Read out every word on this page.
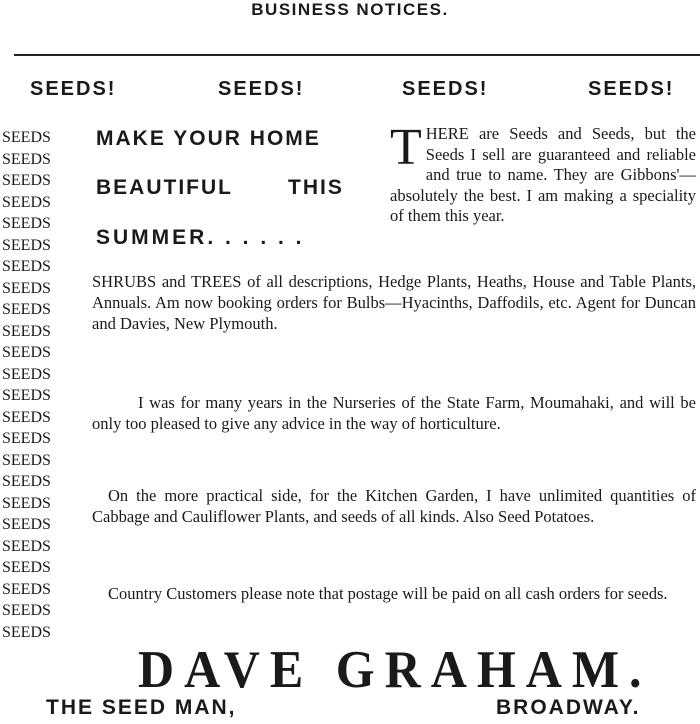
BUSINESS NOTICES.
SEEDS!	SEEDS!	SEEDS!	SEEDS!
SEEDS
SEEDS
SEEDS
SEEDS
SEEDS
SEEDS
SEEDS
SEEDS
SEEDS
SEEDS
SEEDS
SEEDS
SEEDS
SEEDS
SEEDS
SEEDS
SEEDS
SEEDS
SEEDS
SEEDS
SEEDS
SEEDS
SEEDS
SEEDS
MAKE YOUR HOME
BEAUTIFUL	THIS
SUMMER. . . . . .
T HERE are Seeds and Seeds, but the Seeds I sell are guaranteed and reliable and true to name. They are Gibbons'—absolutely the best. I am making a speciality of them this year.
SHRUBS and TREES of all descriptions, Hedge Plants, Heaths, House and Table Plants, Annuals. Am now booking orders for Bulbs—Hyacinths, Daffodils, etc. Agent for Duncan and Davies, New Plymouth.
I was for many years in the Nurseries of the State Farm, Moumahaki, and will be only too pleased to give any advice in the way of horticulture.
On the more practical side, for the Kitchen Garden, I have unlimited quantities of Cabbage and Cauliflower Plants, and seeds of all kinds. Also Seed Potatoes.
Country Customers please note that postage will be paid on all cash orders for seeds.
DAVE GRAHAM.
THE SEED MAN,	BROADWAY.
